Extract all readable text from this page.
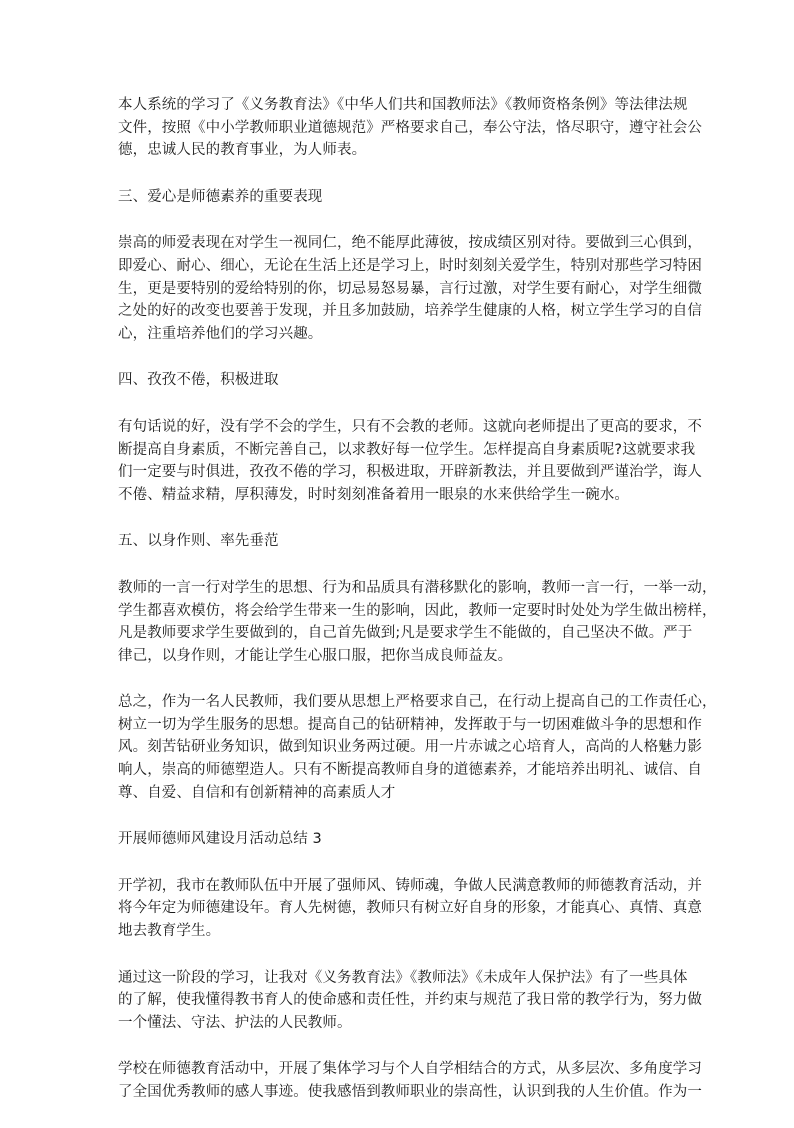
本人系统的学习了《义务教育法》《中华人们共和国教师法》《教师资格条例》等法律法规
文件，按照《中小学教师职业道德规范》严格要求自己，奉公守法，恪尽职守，遵守社会公
德，忠诚人民的教育事业，为人师表。
三、爱心是师德素养的重要表现
崇高的师爱表现在对学生一视同仁，绝不能厚此薄彼，按成绩区别对待。要做到三心俱到，
即爱心、耐心、细心，无论在生活上还是学习上，时时刻刻关爱学生，特别对那些学习特困
生，更是要特别的爱给特别的你，切忌易怒易暴，言行过激，对学生要有耐心，对学生细微
之处的好的改变也要善于发现，并且多加鼓励，培养学生健康的人格，树立学生学习的自信
心，注重培养他们的学习兴趣。
四、孜孜不倦，积极进取
有句话说的好，没有学不会的学生，只有不会教的老师。这就向老师提出了更高的要求，不
断提高自身素质，不断完善自己，以求教好每一位学生。怎样提高自身素质呢?这就要求我
们一定要与时俱进，孜孜不倦的学习，积极进取，开辟新教法，并且要做到严谨治学，诲人
不倦、精益求精，厚积薄发，时时刻刻准备着用一眼泉的水来供给学生一碗水。
五、以身作则、率先垂范
教师的一言一行对学生的思想、行为和品质具有潜移默化的影响，教师一言一行，一举一动，
学生都喜欢模仿，将会给学生带来一生的影响，因此，教师一定要时时处处为学生做出榜样，
凡是教师要求学生要做到的，自己首先做到;凡是要求学生不能做的，自己坚决不做。严于
律己，以身作则，才能让学生心服口服，把你当成良师益友。
总之，作为一名人民教师，我们要从思想上严格要求自己，在行动上提高自己的工作责任心，
树立一切为学生服务的思想。提高自己的钻研精神，发挥敢于与一切困难做斗争的思想和作
风。刻苦钻研业务知识，做到知识业务两过硬。用一片赤诚之心培育人，高尚的人格魅力影
响人，崇高的师德塑造人。只有不断提高教师自身的道德素养，才能培养出明礼、诚信、自
尊、自爱、自信和有创新精神的高素质人才
开展师德师风建设月活动总结 3
开学初，我市在教师队伍中开展了强师风、铸师魂，争做人民满意教师的师德教育活动，并
将今年定为师德建设年。育人先树德，教师只有树立好自身的形象，才能真心、真情、真意
地去教育学生。
通过这一阶段的学习，让我对《义务教育法》《教师法》《未成年人保护法》有了一些具体
的了解，使我懂得教书育人的使命感和责任性，并约束与规范了我日常的教学行为，努力做
一个懂法、守法、护法的人民教师。
学校在师德教育活动中，开展了集体学习与个人自学相结合的方式，从多层次、多角度学习
了全国优秀教师的感人事迹。使我感悟到教师职业的崇高性，认识到我的人生价值。作为一
